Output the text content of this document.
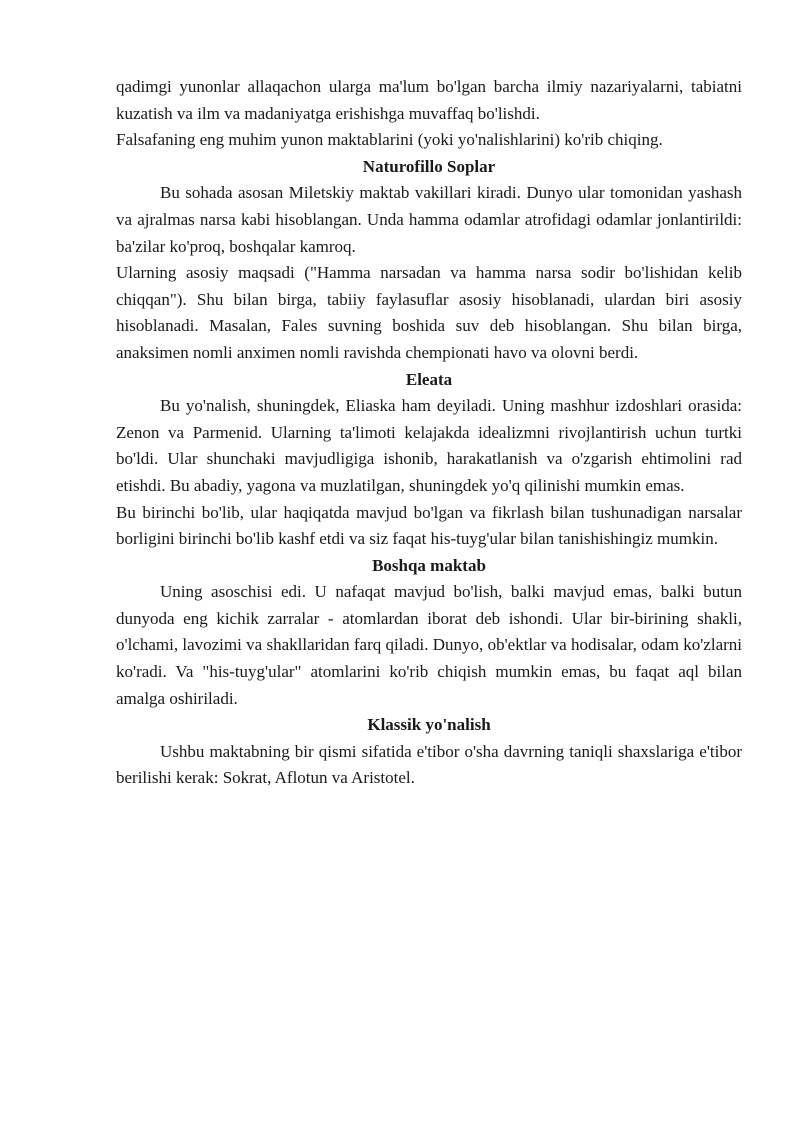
qadimgi yunonlar allaqachon ularga ma'lum bo'lgan barcha ilmiy nazariyalarni, tabiatni kuzatish va ilm va madaniyatga erishishga muvaffaq bo'lishdi.

Falsafaning eng muhim yunon maktablarini (yoki yo'nalishlarini) ko'rib chiqing.

Naturofillo Soplar

Bu sohada asosan Miletskiy maktab vakillari kiradi. Dunyo ular tomonidan yashash va ajralmas narsa kabi hisoblangan. Unda hamma odamlar atrofidagi odamlar jonlantirildi: ba'zilar ko'proq, boshqalar kamroq.

Ularning asosiy maqsadi ("Hamma narsadan va hamma narsa sodir bo'lishidan kelib chiqqan"). Shu bilan birga, tabiiy faylasuflar asosiy hisoblanadi, ulardan biri asosiy hisoblanadi. Masalan, Fales suvning boshida suv deb hisoblangan. Shu bilan birga, anaksimen nomli anximen nomli ravishda chempionati havo va olovni berdi.

Eleata

Bu yo'nalish, shuningdek, Eliaska ham deyiladi. Uning mashhur izdoshlari orasida: Zenon va Parmenid. Ularning ta'limoti kelajakda idealizmni rivojlantirish uchun turtki bo'ldi. Ular shunchaki mavjudligiga ishonib, harakatlanish va o'zgarish ehtimolini rad etishdi. Bu abadiy, yagona va muzlatilgan, shuningdek yo'q qilinishi mumkin emas.

Bu birinchi bo'lib, ular haqiqatda mavjud bo'lgan va fikrlash bilan tushunadigan narsalar borligini birinchi bo'lib kashf etdi va siz faqat his-tuyg'ular bilan tanishishingiz mumkin.

Boshqa maktab

Uning asoschisi edi. U nafaqat mavjud bo'lish, balki mavjud emas, balki butun dunyoda eng kichik zarralar - atomlardan iborat deb ishondi. Ular bir-birining shakli, o'lchami, lavozimi va shakllaridan farq qiladi. Dunyo, ob'ektlar va hodisalar, odam ko'zlarni ko'radi. Va "his-tuyg'ular" atomlarini ko'rib chiqish mumkin emas, bu faqat aql bilan amalga oshiriladi.

Klassik yo'nalish

Ushbu maktabning bir qismi sifatida e'tibor o'sha davrning taniqli shaxslariga e'tibor berilishi kerak: Sokrat, Aflotun va Aristotel.
